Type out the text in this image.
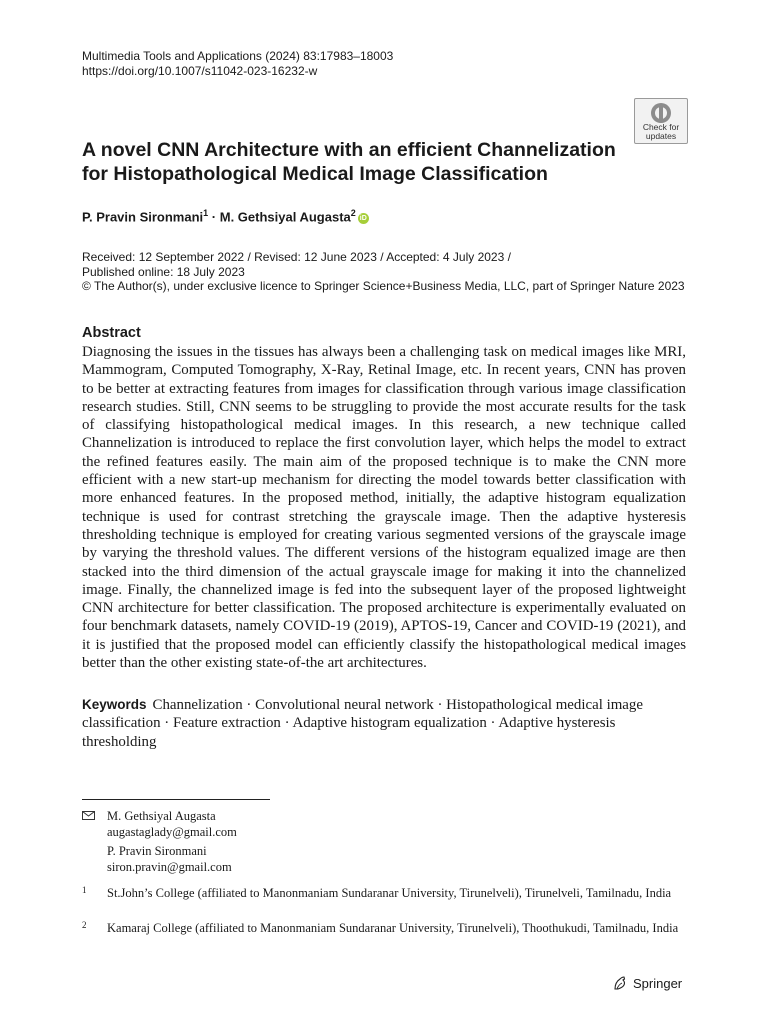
Multimedia Tools and Applications (2024) 83:17983–18003
https://doi.org/10.1007/s11042-023-16232-w
Check for
updates
A novel CNN Architecture with an efficient Channelization
for Histopathological Medical Image Classification
P. Pravin Sironmani$^1$ · M. Gethsiyal Augasta$^2$iD
Received: 12 September 2022 / Revised: 12 June 2023 / Accepted: 4 July 2023 /
Published online: 18 July 2023
© The Author(s), under exclusive licence to Springer Science+Business Media, LLC, part of Springer Nature 2023
Abstract

Diagnosing the issues in the tissues has always been a challenging task on medical images like MRI, Mammogram, Computed Tomography, X-Ray, Retinal Image, etc. In recent years, CNN has proven to be better at extracting features from images for classification through various image classification research studies. Still, CNN seems to be struggling to provide the most accurate results for the task of classifying histopathological medical images. In this research, a new technique called Channelization is introduced to replace the first convolution layer, which helps the model to extract the refined features easily. The main aim of the proposed technique is to make the CNN more efficient with a new start-up mechanism for directing the model towards better classification with more enhanced features. In the proposed method, initially, the adaptive histogram equalization technique is used for contrast stretching the grayscale image. Then the adaptive hysteresis thresholding technique is employed for creating various segmented versions of the grayscale image by varying the threshold values. The different versions of the histogram equalized image are then stacked into the third dimension of the actual grayscale image for making it into the channelized image. Finally, the channelized image is fed into the subsequent layer of the proposed lightweight CNN architecture for better classification. The proposed architecture is experimentally evaluated on four benchmark datasets, namely COVID-19 (2019), APTOS-19, Cancer and COVID-19 (2021), and it is justified that the proposed model can efficiently classify the histopathological medical images better than the other existing state-of-the art architectures.

Keywords Channelization · Convolutional neural network · Histopathological medical image classification · Feature extraction · Adaptive histogram equalization · Adaptive hysteresis thresholding

M. Gethsiyal Augasta
augastaglady@gmail.com
P. Pravin Sironmani
siron.pravin@gmail.com
1 St.John’s College (affiliated to Manonmaniam Sundaranar University, Tirunelveli), Tirunelveli, Tamilnadu, India
2 Kamaraj College (affiliated to Manonmaniam Sundaranar University, Tirunelveli), Thoothukudi, Tamilnadu, India
Springer
